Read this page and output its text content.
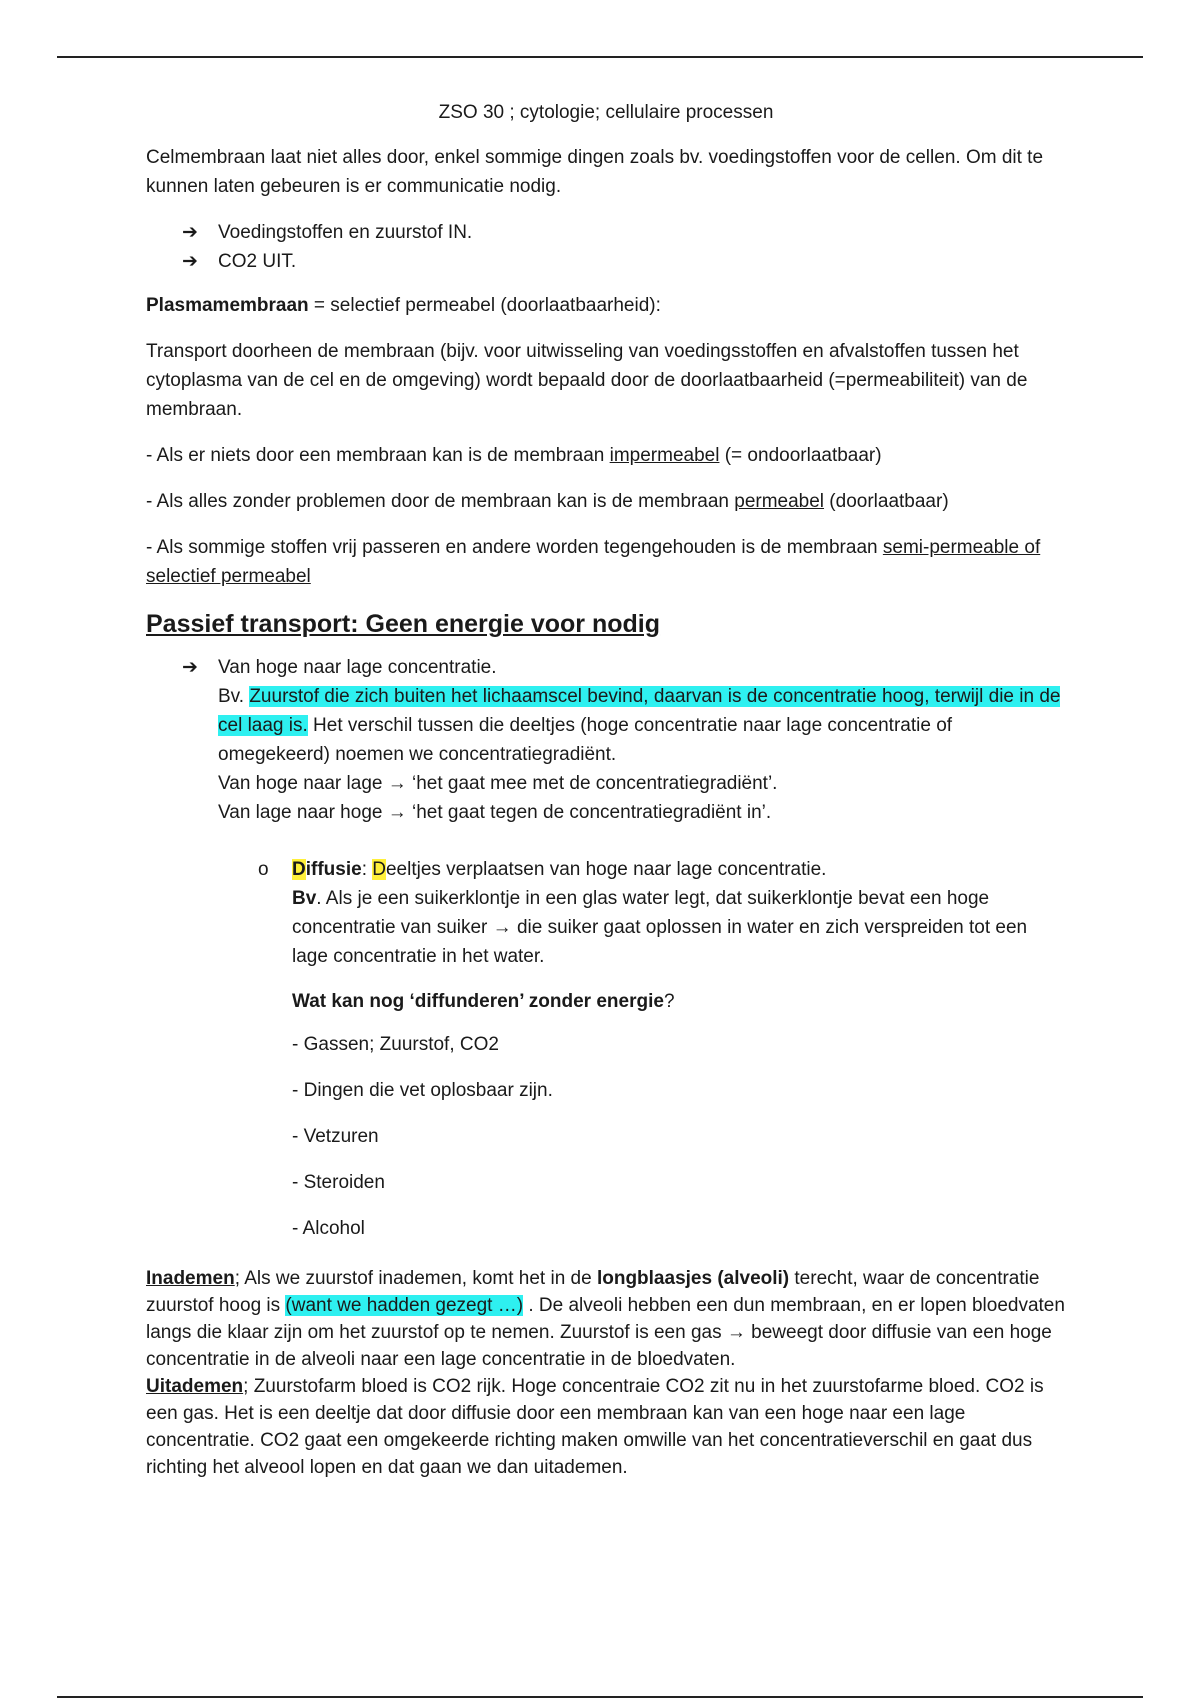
ZSO 30 ; cytologie; cellulaire processen

Celmembraan laat niet alles door, enkel sommige dingen zoals bv. voedingstoffen voor de cellen. Om dit te kunnen laten gebeuren is er communicatie nodig.

➔ Voedingstoffen en zuurstof IN.
➔ CO2 UIT.

Plasmamembraan = selectief permeabel (doorlaatbaarheid):

Transport doorheen de membraan (bijv. voor uitwisseling van voedingsstoffen en afvalstoffen tussen het cytoplasma van de cel en de omgeving) wordt bepaald door de doorlaatbaarheid (=permeabiliteit) van de membraan.

- Als er niets door een membraan kan is de membraan impermeabel (= ondoorlaatbaar)

- Als alles zonder problemen door de membraan kan is de membraan permeabel (doorlaatbaar)

- Als sommige stoffen vrij passeren en andere worden tegengehouden is de membraan semi-permeable of selectief permeabel

Passief transport: Geen energie voor nodig
➔ Van hoge naar lage concentratie.

Bv. Zuurstof die zich buiten het lichaamscel bevind, daarvan is de concentratie hoog, terwijl die in de cel laag is. Het verschil tussen die deeltjes (hoge concentratie naar lage concentratie of omegekeerd) noemen we concentratiegradiënt.

Van hoge naar lage → ‘het gaat mee met de concentratiegradiënt’.

Van lage naar hoge → ‘het gaat tegen de concentratiegradiënt in’.

o Diffusie: Deeltjes verplaatsen van hoge naar lage concentratie.

Bv. Als je een suikerklontje in een glas water legt, dat suikerklontje bevat een hoge concentratie van suiker → die suiker gaat oplossen in water en zich verspreiden tot een lage concentratie in het water.

Wat kan nog ‘diffunderen’ zonder energie?

- Gassen; Zuurstof, CO2

- Dingen die vet oplosbaar zijn.

- Vetzuren

- Steroiden

- Alcohol

Inademen; Als we zuurstof inademen, komt het in de longblaasjes (alveoli) terecht, waar de concentratie zuurstof hoog is (want we hadden gezegt …) . De alveoli hebben een dun membraan, en er lopen bloedvaten langs die klaar zijn om het zuurstof op te nemen. Zuurstof is een gas → beweegt door diffusie van een hoge concentratie in de alveoli naar een lage concentratie in de bloedvaten.

Uitademen; Zuurstofarm bloed is CO2 rijk. Hoge concentraie CO2 zit nu in het zuurstofarme bloed. CO2 is een gas. Het is een deeltje dat door diffusie door een membraan kan van een hoge naar een lage concentratie. CO2 gaat een omgekeerde richting maken omwille van het concentratieverschil en gaat dus richting het alveool lopen en dat gaan we dan uitademen.
